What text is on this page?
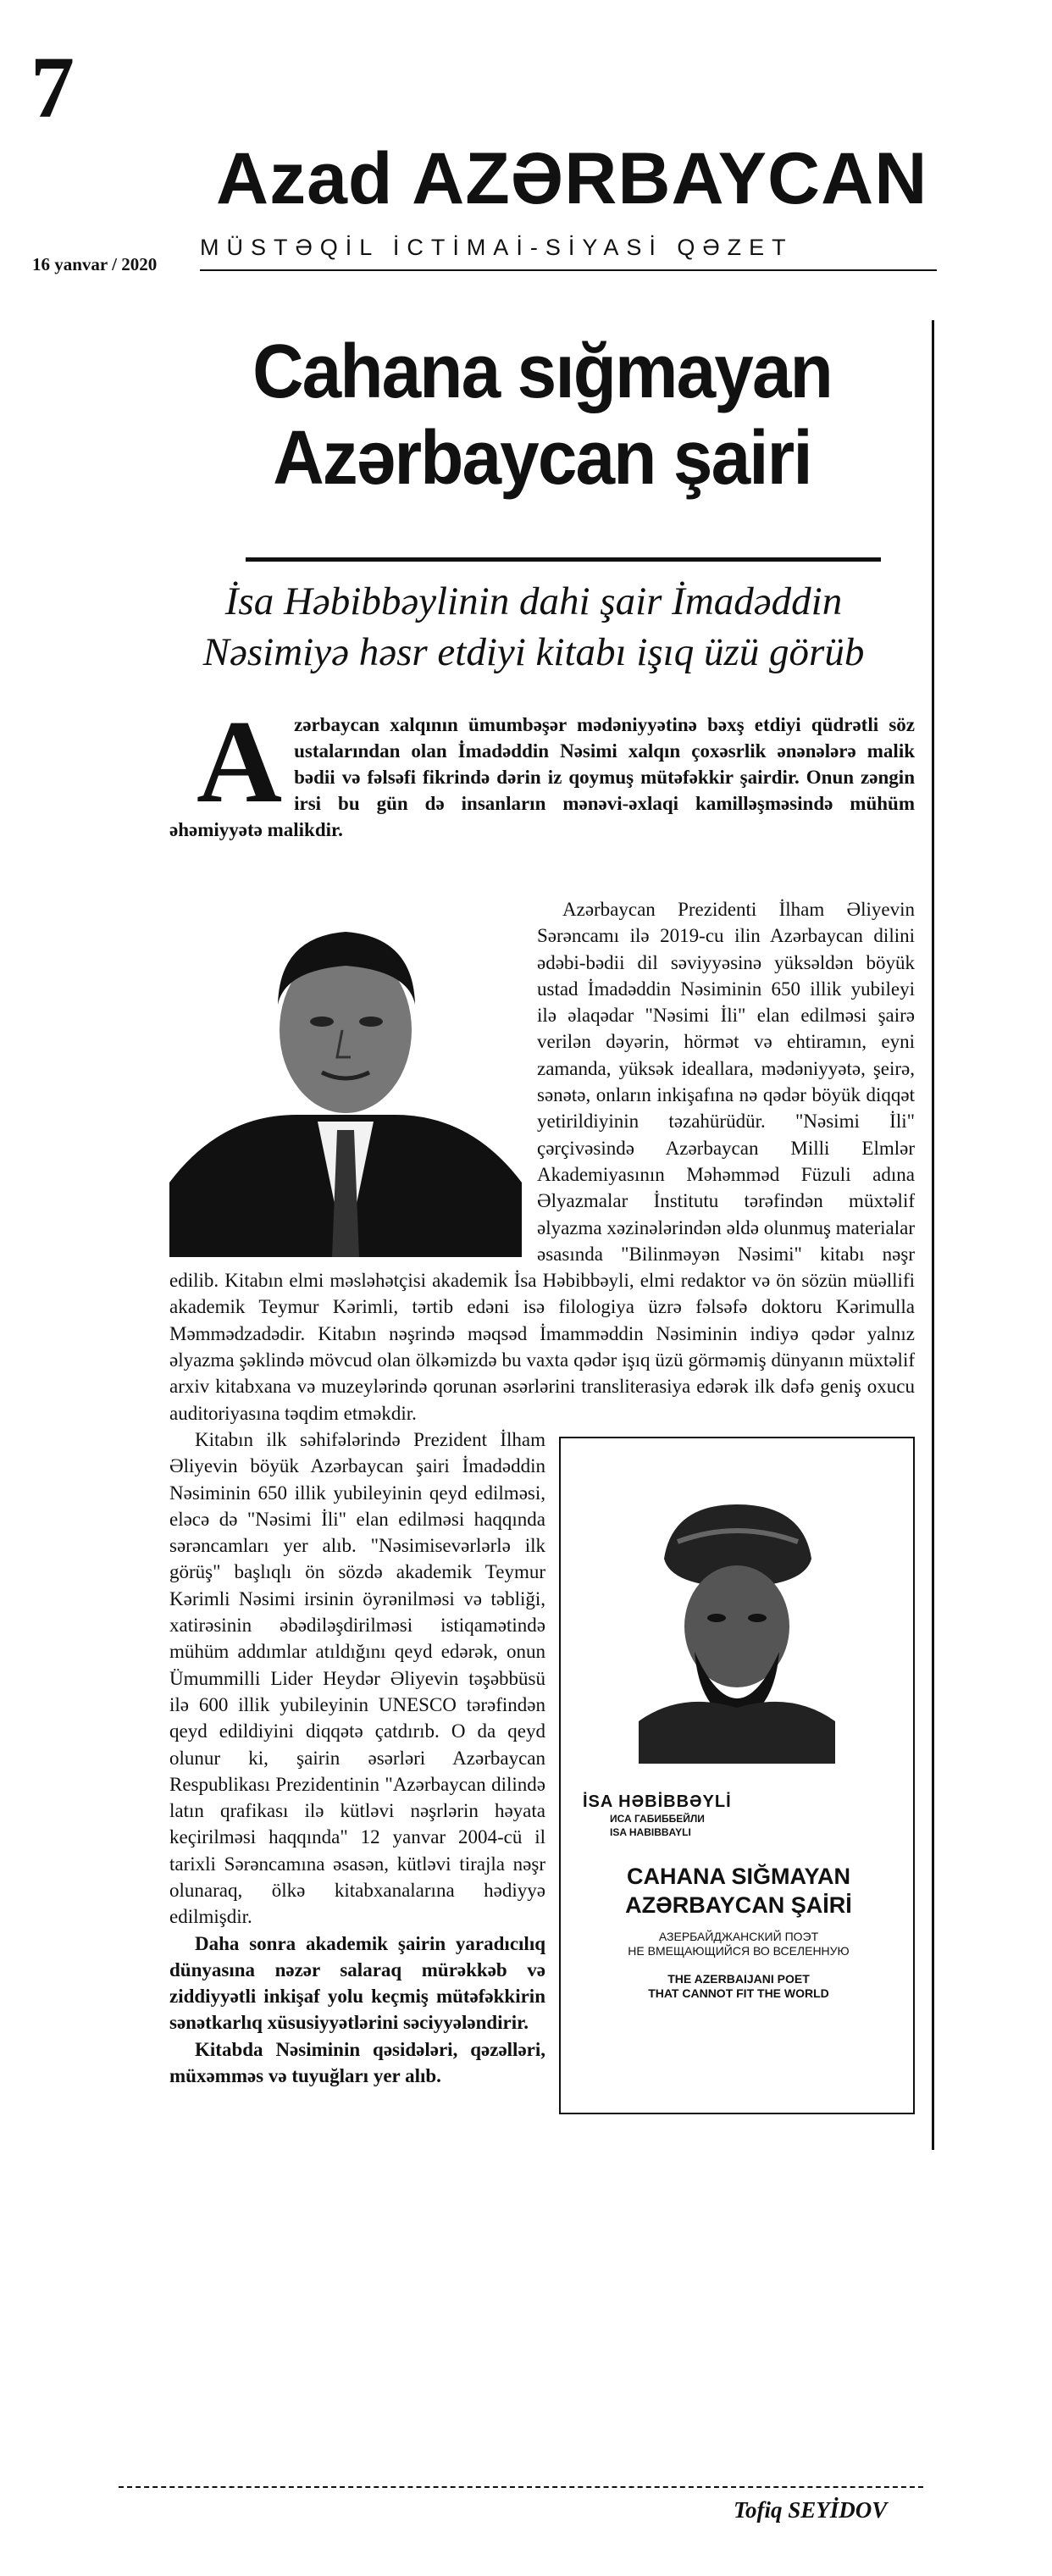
7
Azad AZƏRBAYCAN
16 yanvar / 2020
MÜSTƏQİL İCTİMAİ-SİYASİ QƏZET
Cahana sığmayan
Azərbaycan şairi
İsa Həbibbəylinin dahi şair İmadəddin
Nəsimiyə həsr etdiyi kitabı işıq üzü görüb
A zərbaycan xalqının ümumbəşər mədəniyyətinə bəxş etdiyi qüdrətli söz ustalarından olan İmadəddin Nəsimi xalqın çoxəsrlik ənənələrə malik bədii və fəlsəfi fikrində dərin iz qoymuş mütəfəkkir şairdir. Onun zəngin irsi bu gün də insanların mənəvi-əxlaqi kamilləşməsində mühüm əhəmiyyətə malikdir.

Azərbaycan Prezidenti İlham Əliyevin Sərəncamı ilə 2019-cu ilin Azərbaycan dilini ədəbi-bədii dil səviyyəsinə yüksəldən böyük ustad İmadəddin Nəsiminin 650 illik yubileyi ilə əlaqədar "Nəsimi İli" elan edilməsi şairə verilən dəyərin, hörmət və ehtiramın, eyni zamanda, yüksək ideallara, mədəniyyətə, şeirə, sənətə, onların inkişafına nə qədər böyük diqqət yetirildiyinin təzahürüdür. "Nəsimi İli" çərçivəsində Azərbaycan Milli Elmlər Akademiyasının Məhəmməd Füzuli adına Əlyazmalar İnstitutu tərəfindən müxtəlif əlyazma xəzinələrindən əldə olunmuş materialar əsasında "Bilinməyən Nəsimi" kitabı nəşr edilib. Kitabın elmi məsləhətçisi akademik İsa Həbibbəyli, elmi redaktor və ön sözün müəllifi akademik Teymur Kərimli, tərtib edəni isə filologiya üzrə fəlsəfə doktoru Kərimulla Məmmədzadədir. Kitabın nəşrində məqsəd İmamməddin Nəsiminin indiyə qədər yalnız əlyazma şəklində mövcud olan ölkəmizdə bu vaxta qədər işıq üzü görməmiş dünyanın müxtəlif arxiv kitabxana və muzeylərində qorunan əsərlərini transliterasiya edərək ilk dəfə geniş oxucu auditoriyasına təqdim etməkdir.

İSA HƏBİBBƏYLİ
ИСА ГАБИББЕЙЛИ
ISA HABIBBAYLI
CAHANA SIĞMAYAN
AZƏRBAYCAN ŞAİRİ
АЗЕРБАЙДЖАНСКИЙ ПОЭТ
НЕ ВМЕЩАЮЩИЙСЯ ВО ВСЕЛЕННУЮ
THE AZERBAIJANI POET
THAT CANNOT FIT THE WORLD

Kitabın ilk səhifələrində Prezident İlham Əliyevin böyük Azərbaycan şairi İmadəddin Nəsiminin 650 illik yubileyinin qeyd edilməsi, eləcə də "Nəsimi İli" elan edilməsi haqqında sərəncamları yer alıb. "Nəsimisevərlərlə ilk görüş" başlıqlı ön sözdə akademik Teymur Kərimli Nəsimi irsinin öyrənilməsi və təbliği, xatirəsinin əbədiləşdirilməsi istiqamətində mühüm addımlar atıldığını qeyd edərək, onun Ümummilli Lider Heydər Əliyevin təşəbbüsü ilə 600 illik yubileyinin UNESCO tərəfindən qeyd edildiyini diqqətə çatdırıb. O da qeyd olunur ki, şairin əsərləri Azərbaycan Respublikası Prezidentinin "Azərbaycan dilində latın qrafikası ilə kütləvi nəşrlərin həyata keçirilməsi haqqında" 12 yanvar 2004-cü il tarixli Sərəncamına əsasən, kütləvi tirajla nəşr olunaraq, ölkə kitabxanalarına hədiyyə edilmişdir.

Daha sonra akademik şairin yaradıcılıq dünyasına nəzər salaraq mürəkkəb və ziddiyyətli inkişaf yolu keçmiş mütəfəkkirin sənətkarlıq xüsusiyyətlərini səciyyələndirir.

Kitabda Nəsiminin qəsidələri, qəzəlləri, müxəmməs və tuyuğları yer alıb.

Tofiq SEYİDOV
